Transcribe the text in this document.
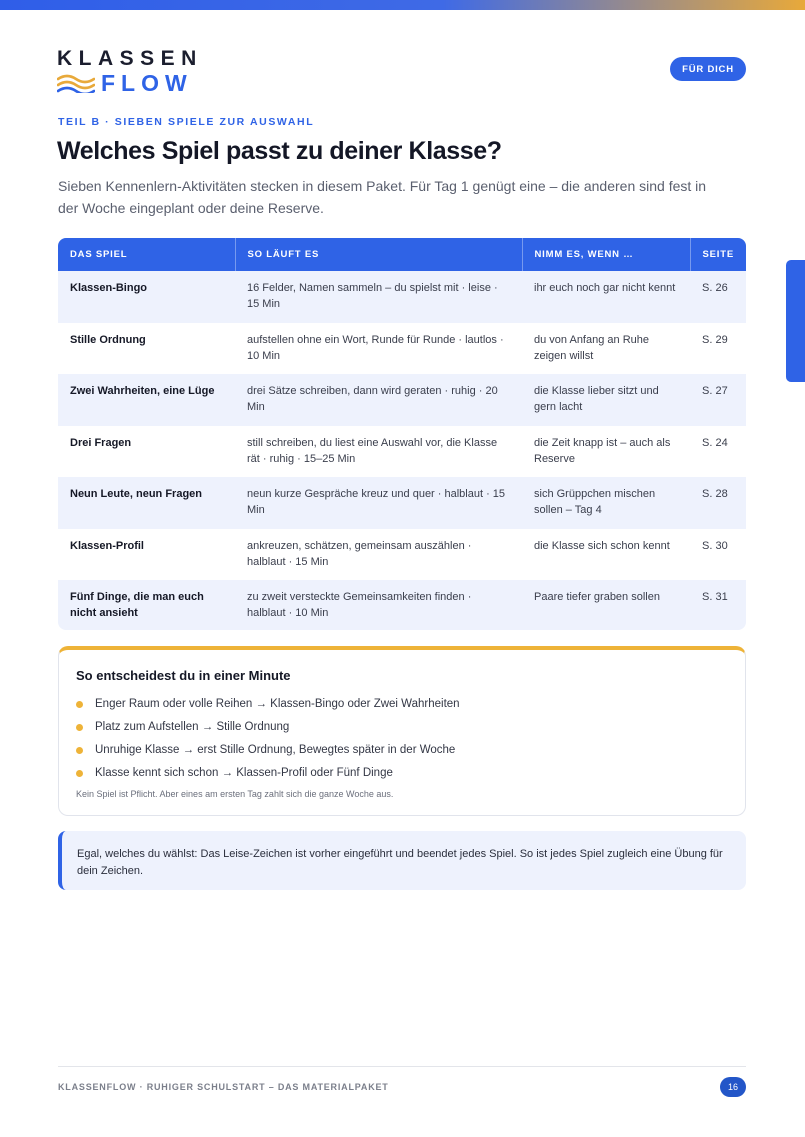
KLASSEN
FLOW
FÜR DICH
TEIL B · SIEBEN SPIELE ZUR AUSWAHL
Welches Spiel passt zu deiner Klasse?

Sieben Kennenlern-Aktivitäten stecken in diesem Paket. Für Tag 1 genügt eine – die anderen sind fest in der Woche eingeplant oder deine Reserve.

DAS SPIEL	SO LÄUFT ES	NIMM ES, WENN …	SEITE
Klassen-Bingo	16 Felder, Namen sammeln – du spielst mit · leise · 15 Min	ihr euch noch gar nicht kennt	S. 26
Stille Ordnung	aufstellen ohne ein Wort, Runde für Runde · lautlos · 10 Min	du von Anfang an Ruhe zeigen willst	S. 29
Zwei Wahrheiten, eine Lüge	drei Sätze schreiben, dann wird geraten · ruhig · 20 Min	die Klasse lieber sitzt und gern lacht	S. 27
Drei Fragen	still schreiben, du liest eine Auswahl vor, die Klasse rät · ruhig · 15–25 Min	die Zeit knapp ist – auch als Reserve	S. 24
Neun Leute, neun Fragen	neun kurze Gespräche kreuz und quer · halblaut · 15 Min	sich Grüppchen mischen sollen – Tag 4	S. 28
Klassen-Profil	ankreuzen, schätzen, gemeinsam auszählen · halblaut · 15 Min	die Klasse sich schon kennt	S. 30
Fünf Dinge, die man euch nicht ansieht	zu zweit versteckte Gemeinsamkeiten finden · halblaut · 10 Min	Paare tiefer graben sollen	S. 31
So entscheidest du in einer Minute
Enger Raum oder volle Reihen → Klassen-Bingo oder Zwei Wahrheiten
Platz zum Aufstellen → Stille Ordnung
Unruhige Klasse → erst Stille Ordnung, Bewegtes später in der Woche
Klasse kennt sich schon → Klassen-Profil oder Fünf Dinge
Kein Spiel ist Pflicht. Aber eines am ersten Tag zahlt sich die ganze Woche aus.

Egal, welches du wählst: Das Leise-Zeichen ist vorher eingeführt und beendet jedes Spiel. So ist jedes Spiel zugleich eine Übung für dein Zeichen.

KLASSENFLOW · RUHIGER SCHULSTART – DAS MATERIALPAKET	16
